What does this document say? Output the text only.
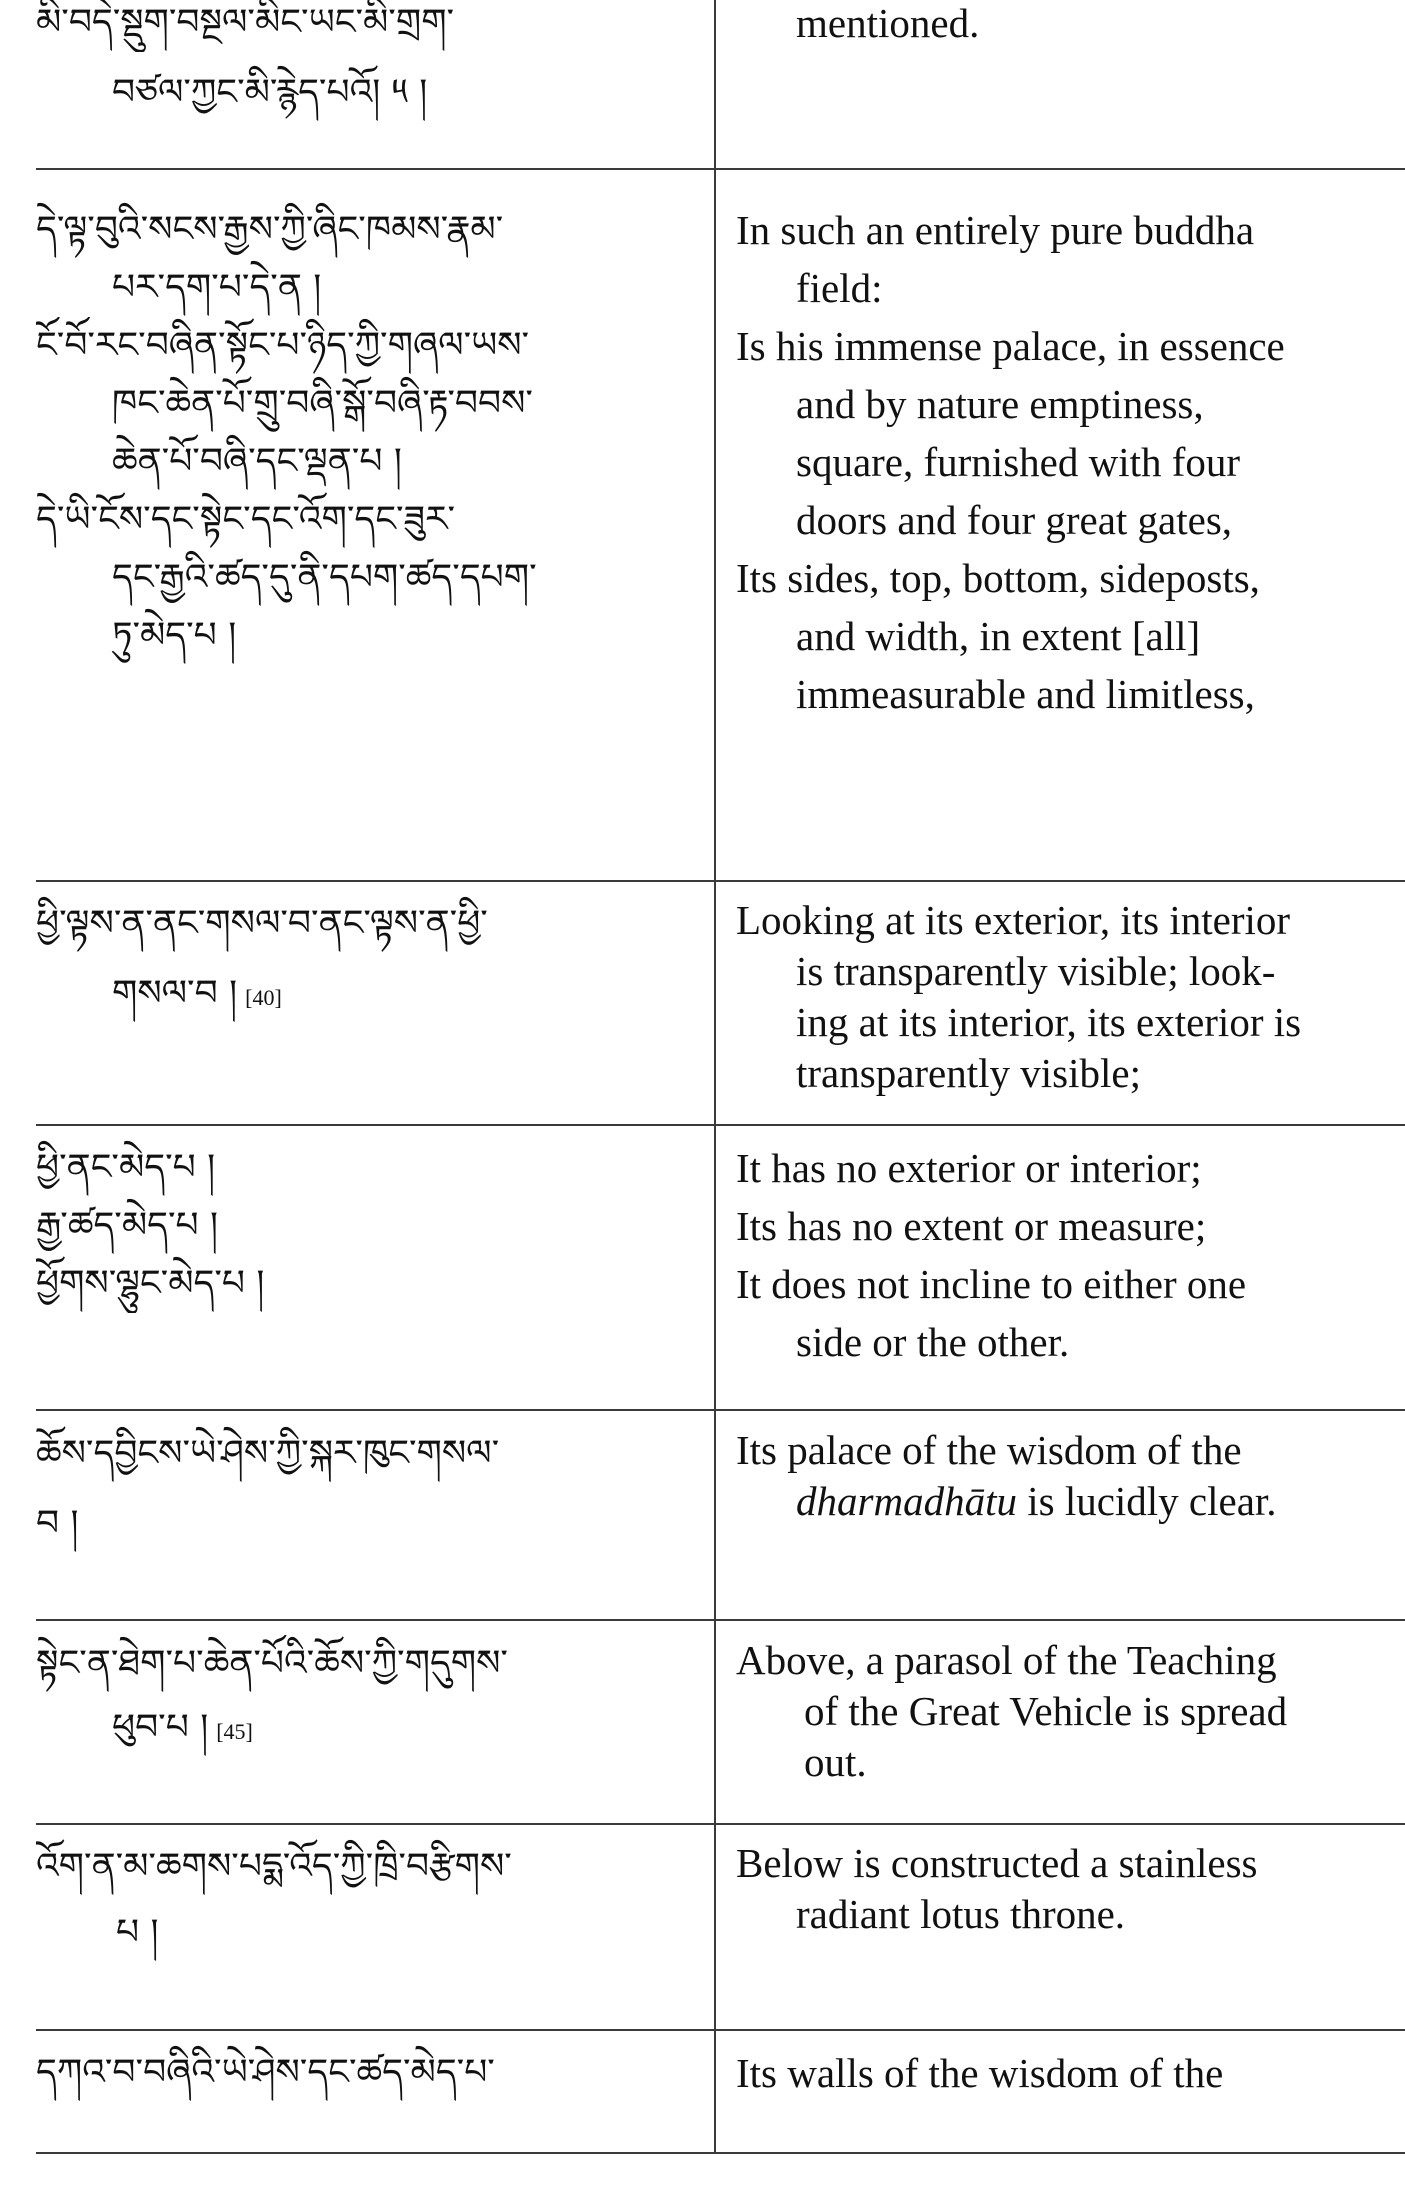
མི་བདེ་སྡུག་བསྔལ་མིང་ཡང་མི་གྲག་
བཙལ་ཀྱང་མི་རྙེད་པའོ། ༥ །
mentioned.
དེ་ལྟ་བུའི་སངས་རྒྱས་ཀྱི་ཞིང་ཁམས་རྣམ་
པར་དག་པ་དེ་ན །
ངོ་བོ་རང་བཞིན་སྟོང་པ་ཉིད་ཀྱི་གཞལ་ཡས་
ཁང་ཆེན་པོ་གྲུ་བཞི་སྒོ་བཞི་རྟ་བབས་
ཆེན་པོ་བཞི་དང་ལྡན་པ །
དེ་ཡི་ངོས་དང་སྟེང་དང་འོག་དང་ཟུར་
དང་རྒྱའི་ཚད་དུ་ནི་དཔག་ཚད་དཔག་
ཏུ་མེད་པ །
In such an entirely pure buddha
field:
Is his immense palace, in essence
and by nature emptiness,
square, furnished with four
doors and four great gates,
Its sides, top, bottom, sideposts,
and width, in extent [all]
immeasurable and limitless,
ཕྱི་ལྟས་ན་ནང་གསལ་བ་ནང་ལྟས་ན་ཕྱི་
གསལ་བ ། [40]
Looking at its exterior, its interior
is transparently visible; look-
ing at its interior, its exterior is
transparently visible;
ཕྱི་ནང་མེད་པ །
རྒྱ་ཚད་མེད་པ །
ཕྱོགས་ལྷུང་མེད་པ །
It has no exterior or interior;
Its has no extent or measure;
It does not incline to either one
side or the other.
ཆོས་དབྱིངས་ཡེ་ཤེས་ཀྱི་སྐར་ཁུང་གསལ་
བ །
Its palace of the wisdom of the
dharmadhātu is lucidly clear.
སྟེང་ན་ཐེག་པ་ཆེན་པོའི་ཆོས་ཀྱི་གདུགས་
ཕུབ་པ ། [45]
Above, a parasol of the Teaching
of the Great Vehicle is spread
out.
འོག་ན་མ་ཆགས་པདྨ་འོད་ཀྱི་ཁྲི་བརྩིགས་
པ །
Below is constructed a stainless
radiant lotus throne.
དཀའ་བ་བཞིའི་ཡེ་ཤེས་དང་ཚད་མེད་པ་	Its walls of the wisdom of the
